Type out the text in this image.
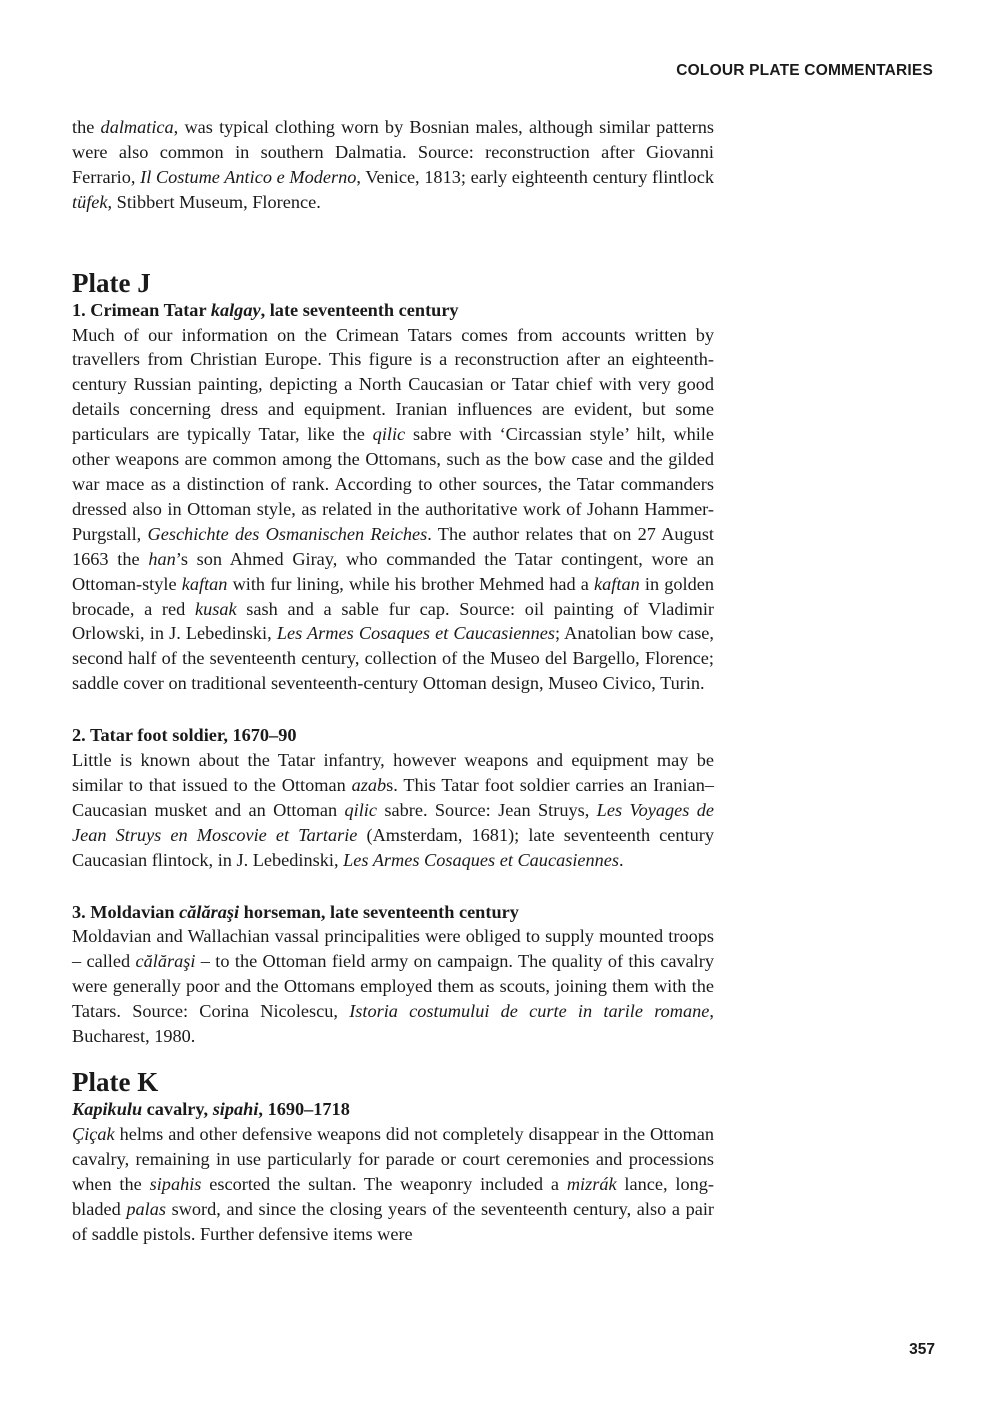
COLOUR PLATE COMMENTARIES

the dalmatica, was typical clothing worn by Bosnian males, although similar patterns were also common in southern Dalmatia. Source: reconstruction after Giovanni Ferrario, Il Costume Antico e Moderno, Venice, 1813; early eighteenth century flintlock tüfek, Stibbert Museum, Florence.

Plate J
1. Crimean Tatar kalgay, late seventeenth century

Much of our information on the Crimean Tatars comes from accounts written by travellers from Christian Europe. This figure is a reconstruction after an eighteenth-century Russian painting, depicting a North Caucasian or Tatar chief with very good details concerning dress and equipment. Iranian influences are evident, but some particulars are typically Tatar, like the qilic sabre with ‘Circassian style’ hilt, while other weapons are common among the Ottomans, such as the bow case and the gilded war mace as a distinction of rank. According to other sources, the Tatar commanders dressed also in Ottoman style, as related in the authoritative work of Johann Hammer-Purgstall, Geschichte des Osmanischen Reiches. The author relates that on 27 August 1663 the han’s son Ahmed Giray, who commanded the Tatar contingent, wore an Ottoman-style kaftan with fur lining, while his brother Mehmed had a kaftan in golden brocade, a red kusak sash and a sable fur cap. Source: oil painting of Vladimir Orlowski, in J. Lebedinski, Les Armes Cosaques et Caucasiennes; Anatolian bow case, second half of the seventeenth century, collection of the Museo del Bargello, Florence; saddle cover on traditional seventeenth-century Ottoman design, Museo Civico, Turin.

2. Tatar foot soldier, 1670–90

Little is known about the Tatar infantry, however weapons and equipment may be similar to that issued to the Ottoman azabs. This Tatar foot soldier carries an Iranian–Caucasian musket and an Ottoman qilic sabre. Source: Jean Struys, Les Voyages de Jean Struys en Moscovie et Tartarie (Amsterdam, 1681); late seventeenth century Caucasian flintock, in J. Lebedinski, Les Armes Cosaques et Caucasiennes.

3. Moldavian călăraşi horseman, late seventeenth century

Moldavian and Wallachian vassal principalities were obliged to supply mounted troops – called călăraşi – to the Ottoman field army on campaign. The quality of this cavalry were generally poor and the Ottomans employed them as scouts, joining them with the Tatars. Source: Corina Nicolescu, Istoria costumului de curte in tarile romane, Bucharest, 1980.

Plate K
Kapikulu cavalry, sipahi, 1690–1718

Çiçak helms and other defensive weapons did not completely disappear in the Ottoman cavalry, remaining in use particularly for parade or court ceremonies and processions when the sipahis escorted the sultan. The weaponry included a mizrák lance, long-bladed palas sword, and since the closing years of the seventeenth century, also a pair of saddle pistols. Further defensive items were

357
